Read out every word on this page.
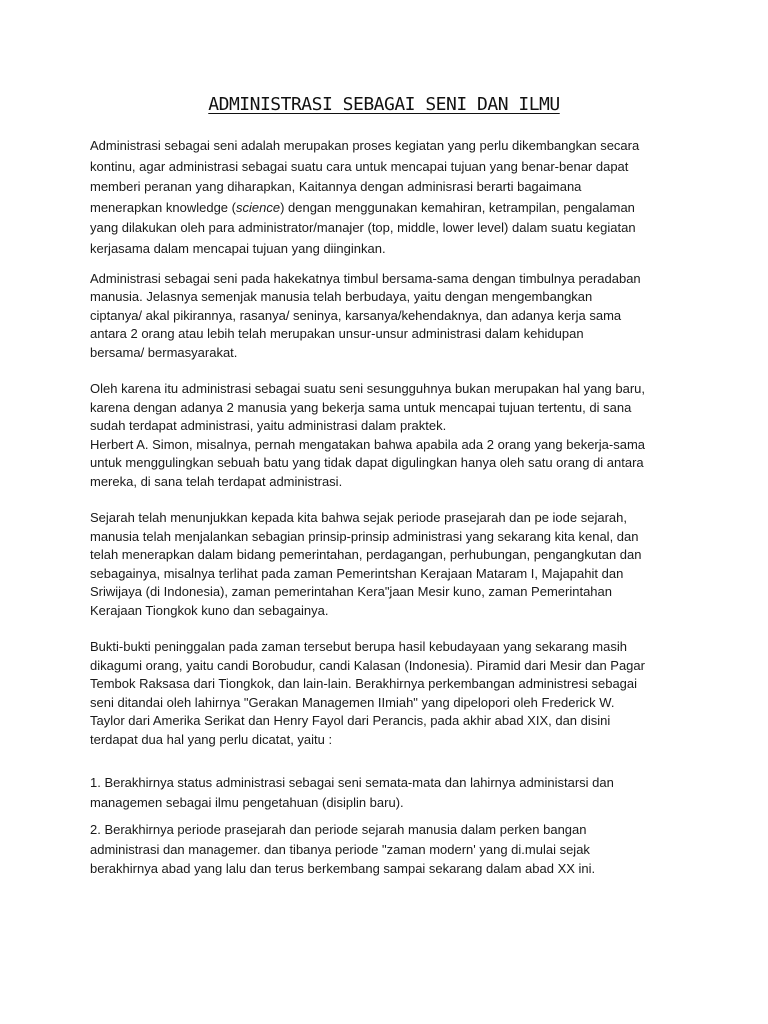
ADMINISTRASI SEBAGAI SENI DAN ILMU

Administrasi sebagai seni adalah merupakan proses kegiatan yang perlu dikembangkan secara
kontinu, agar administrasi sebagai suatu cara untuk mencapai tujuan yang benar-benar dapat
memberi peranan yang diharapkan, Kaitannya dengan adminisrasi berarti bagaimana
menerapkan knowledge (science) dengan menggunakan kemahiran, ketrampilan, pengalaman
yang dilakukan oleh para administrator/manajer (top, middle, lower level) dalam suatu kegiatan
kerjasama dalam mencapai tujuan yang diinginkan.

Administrasi sebagai seni pada hakekatnya timbul bersama-sama dengan timbulnya peradaban
manusia. Jelasnya semenjak manusia telah berbudaya, yaitu dengan mengembangkan
ciptanya/ akal pikirannya, rasanya/ seninya, karsanya/kehendaknya, dan adanya kerja sama
antara 2 orang atau lebih telah merupakan unsur-unsur administrasi dalam kehidupan
bersama/ bermasyarakat.

Oleh karena itu administrasi sebagai suatu seni sesungguhnya bukan merupakan hal yang baru,
karena dengan adanya 2 manusia yang bekerja sama untuk mencapai tujuan tertentu, di sana
sudah terdapat administrasi, yaitu administrasi dalam praktek.
Herbert A. Simon, misalnya, pernah mengatakan bahwa apabila ada 2 orang yang bekerja-sama
untuk menggulingkan sebuah batu yang tidak dapat digulingkan hanya oleh satu orang di antara
mereka, di sana telah terdapat administrasi.

Sejarah telah menunjukkan kepada kita bahwa sejak periode prasejarah dan pe iode sejarah,
manusia telah menjalankan sebagian prinsip-prinsip administrasi yang sekarang kita kenal, dan
telah menerapkan dalam bidang pemerintahan, perdagangan, perhubungan, pengangkutan dan
sebagainya, misalnya terlihat pada zaman Pemerintshan Kerajaan Mataram I, Majapahit dan
Sriwijaya (di Indonesia), zaman pemerintahan Kera"jaan Mesir kuno, zaman Pemerintahan
Kerajaan Tiongkok kuno dan sebagainya.

Bukti-bukti peninggalan pada zaman tersebut berupa hasil kebudayaan yang sekarang masih
dikagumi orang, yaitu candi Borobudur, candi Kalasan (Indonesia). Piramid dari Mesir dan Pagar
Tembok Raksasa dari Tiongkok, dan lain-lain. Berakhirnya perkembangan administresi sebagai
seni ditandai oleh lahirnya "Gerakan Managemen IImiah" yang dipelopori oleh Frederick W.
Taylor dari Amerika Serikat dan Henry Fayol dari Perancis, pada akhir abad XIX, dan disini
terdapat dua hal yang perlu dicatat, yaitu :

1. Berakhirnya status administrasi sebagai seni semata-mata dan lahirnya administarsi dan
managemen sebagai ilmu pengetahuan (disiplin baru).

2. Berakhirnya periode prasejarah dan periode sejarah manusia dalam perken bangan
administrasi dan managemer. dan tibanya periode "zaman modern' yang di.mulai sejak
berakhirnya abad yang lalu dan terus berkembang sampai sekarang dalam abad XX ini.
